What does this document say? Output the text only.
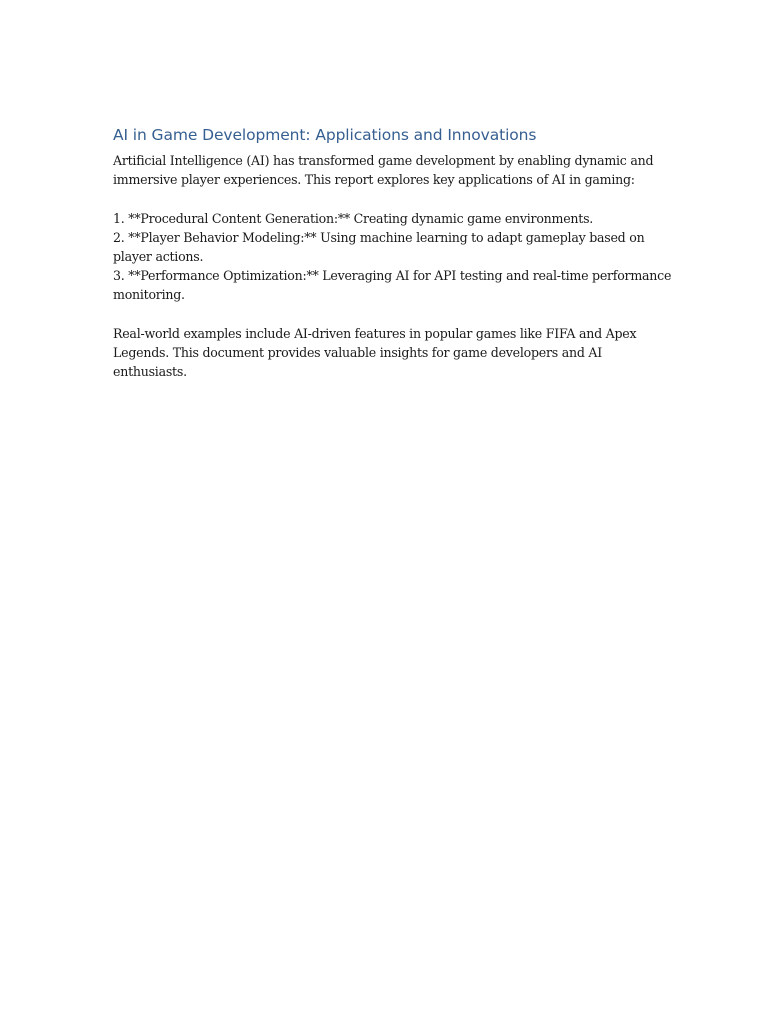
AI in Game Development: Applications and Innovations

Artificial Intelligence (AI) has transformed game development by enabling dynamic and

immersive player experiences. This report explores key applications of AI in gaming:

1. **Procedural Content Generation:** Creating dynamic game environments.

2. **Player Behavior Modeling:** Using machine learning to adapt gameplay based on

player actions.

3. **Performance Optimization:** Leveraging AI for API testing and real-time performance

monitoring.

Real-world examples include AI-driven features in popular games like FIFA and Apex

Legends. This document provides valuable insights for game developers and AI enthusiasts.
